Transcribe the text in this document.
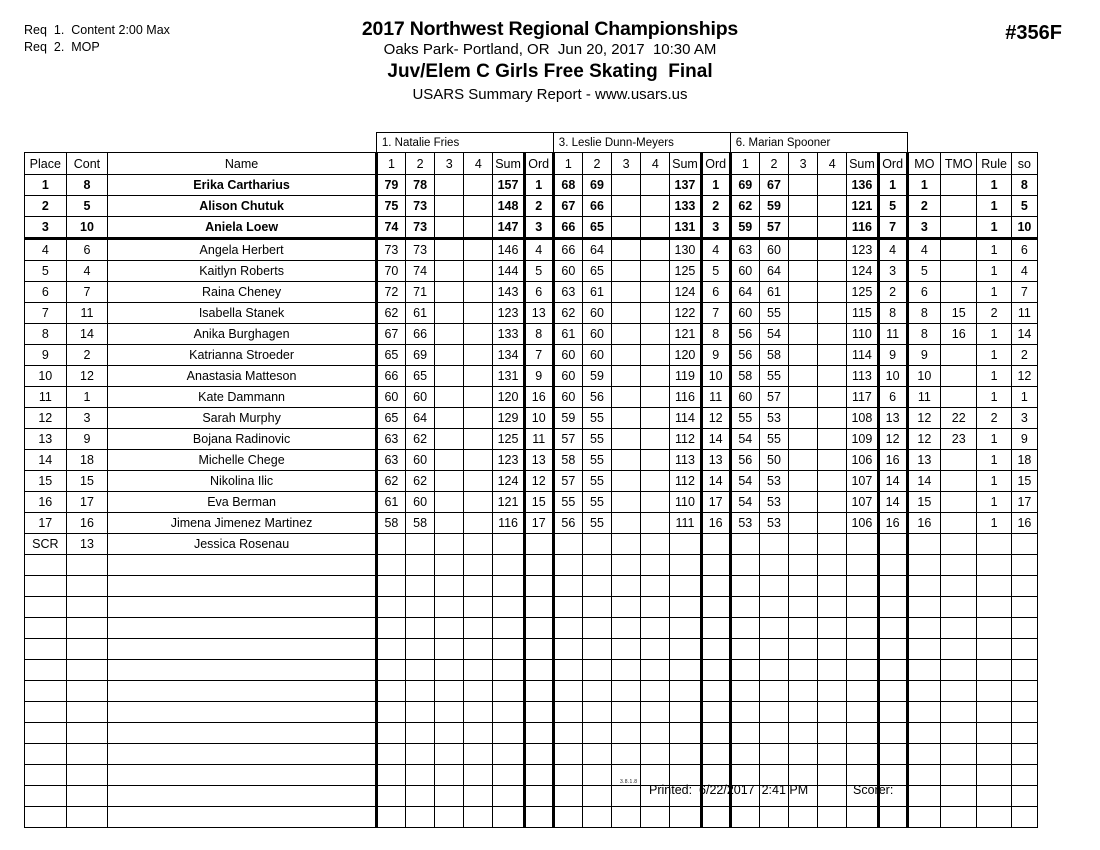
Req  1.  Content 2:00 Max
Req  2.  MOP
2017 Northwest Regional Championships
Oaks Park- Portland, OR  Jun 20, 2017  10:30 AM
Juv/Elem C Girls Free Skating  Final
USARS Summary Report - www.usars.us
#356F
			1. Natalie Fries						3. Leslie Dunn-Meyers						6. Marian Spooner									
Place	Cont	Name	1	2	3	4	Sum	Ord	1	2	3	4	Sum	Ord	1	2	3	4	Sum	Ord	MO	TMO	Rule	so
1	8	Erika Cartharius	79	78			157	1	68	69			137	1	69	67			136	1	1		1	8
2	5	Alison Chutuk	75	73			148	2	67	66			133	2	62	59			121	5	2		1	5
3	10	Aniela Loew	74	73			147	3	66	65			131	3	59	57			116	7	3		1	10
4	6	Angela Herbert	73	73			146	4	66	64			130	4	63	60			123	4	4		1	6
5	4	Kaitlyn Roberts	70	74			144	5	60	65			125	5	60	64			124	3	5		1	4
6	7	Raina Cheney	72	71			143	6	63	61			124	6	64	61			125	2	6		1	7
7	11	Isabella Stanek	62	61			123	13	62	60			122	7	60	55			115	8	8	15	2	11
8	14	Anika Burghagen	67	66			133	8	61	60			121	8	56	54			110	11	8	16	1	14
9	2	Katrianna Stroeder	65	69			134	7	60	60			120	9	56	58			114	9	9		1	2
10	12	Anastasia Matteson	66	65			131	9	60	59			119	10	58	55			113	10	10		1	12
11	1	Kate Dammann	60	60			120	16	60	56			116	11	60	57			117	6	11		1	1
12	3	Sarah Murphy	65	64			129	10	59	55			114	12	55	53			108	13	12	22	2	3
13	9	Bojana Radinovic	63	62			125	11	57	55			112	14	54	55			109	12	12	23	1	9
14	18	Michelle Chege	63	60			123	13	58	55			113	13	56	50			106	16	13		1	18
15	15	Nikolina Ilic	62	62			124	12	57	55			112	14	54	53			107	14	14		1	15
16	17	Eva Berman	61	60			121	15	55	55			110	17	54	53			107	14	15		1	17
17	16	Jimena Jimenez Martinez	58	58			116	17	56	55			111	16	53	53			106	16	16		1	16
SCR	13	Jessica Rosenau																						

3.8.1.8
Printed:  6/22/2017  2:41 PM	Scorer:
